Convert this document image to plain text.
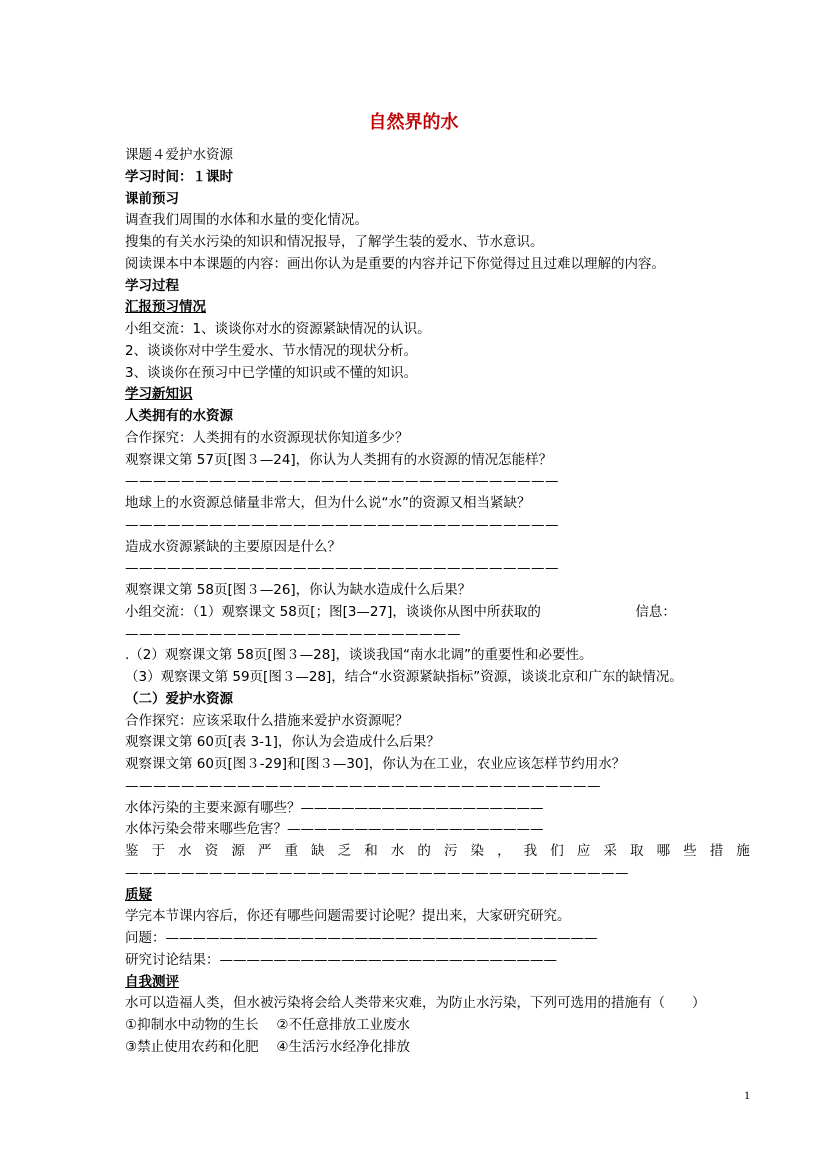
自然界的水
课题４爱护水资源
学习时间：１课时
课前预习
调查我们周围的水体和水量的变化情况。
搜集的有关水污染的知识和情况报导，了解学生装的爱水、节水意识。
阅读课本中本课题的内容：画出你认为是重要的内容并记下你觉得过且过难以理解的内容。
学习过程
汇报预习情况
小组交流：1、谈谈你对水的资源紧缺情况的认识。
2、谈谈你对中学生爱水、节水情况的现状分析。
3、谈谈你在预习中已学懂的知识或不懂的知识。
学习新知识
人类拥有的水资源
合作探究：人类拥有的水资源现状你知道多少？
观察课文第 57页[图３—24]，你认为人类拥有的水资源的情况怎能样？
———————————————————————————————
地球上的水资源总储量非常大，但为什么说“水”的资源又相当紧缺？
———————————————————————————————
造成水资源紧缺的主要原因是什么？
———————————————————————————————
观察课文第 58页[图３—26]，你认为缺水造成什么后果？
小组交流：（1）观察课文 58页[；图[3—27]，谈谈你从图中所获取的　　　　　　　信息：
————————————————————————
.（2）观察课文第 58页[图３—28]，谈谈我国“南水北调”的重要性和必要性。
（3）观察课文第 59页[图３—28]，结合“水资源紧缺指标”资源，谈谈北京和广东的缺情况。
（二）爱护水资源
合作探究：应该采取什么措施来爱护水资源呢？
观察课文第 60页[表 3-1]，你认为会造成什么后果？
观察课文第 60页[图３-29]和[图３—30]，你认为在工业，农业应该怎样节约用水？
——————————————————————————————————
水体污染的主要来源有哪些？——————————————————
水体污染会带来哪些危害？———————————————————
鉴 于 水 资 源 严 重 缺 乏 和 水 的 污 染 ， 我 们 应 采 取 哪 些 措 施
————————————————————————————————————
质疑
学完本节课内容后，你还有哪些问题需要讨论呢？提出来，大家研究研究。
问题：————————————————————————————————
研究讨论结果：—————————————————————————
自我测评
水可以造福人类，但水被污染将会给人类带来灾难，为防止水污染，下列可选用的措施有（　　）
①抑制水中动物的生长　 ②不任意排放工业废水
③禁止使用农药和化肥　 ④生活污水经净化排放
1
